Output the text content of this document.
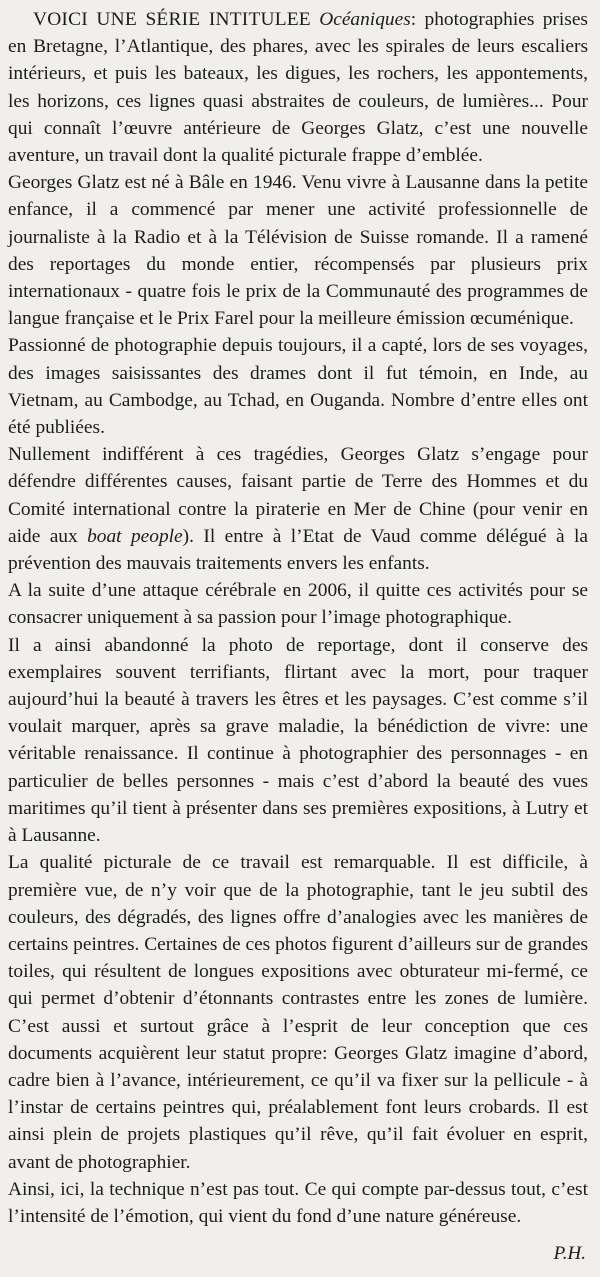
VOICI UNE SÉRIE INTITULEE Océaniques: photographies prises en Bretagne, l’Atlantique, des phares, avec les spirales de leurs escaliers intérieurs, et puis les bateaux, les digues, les rochers, les appontements, les horizons, ces lignes quasi abstraites de couleurs, de lumières... Pour qui connaît l’œuvre antérieure de Georges Glatz, c’est une nouvelle aventure, un travail dont la qualité picturale frappe d’emblée.

Georges Glatz est né à Bâle en 1946. Venu vivre à Lausanne dans la petite enfance, il a commencé par mener une activité professionnelle de journaliste à la Radio et à la Télévision de Suisse romande. Il a ramené des reportages du monde entier, récompensés par plusieurs prix internationaux - quatre fois le prix de la Communauté des programmes de langue française et le Prix Farel pour la meilleure émission œcuménique.

Passionné de photographie depuis toujours, il a capté, lors de ses voyages, des images saisissantes des drames dont il fut témoin, en Inde, au Vietnam, au Cambodge, au Tchad, en Ouganda. Nombre d’entre elles ont été publiées.

Nullement indifférent à ces tragédies, Georges Glatz s’engage pour défendre différentes causes, faisant partie de Terre des Hommes et du Comité international contre la piraterie en Mer de Chine (pour venir en aide aux boat people). Il entre à l’Etat de Vaud comme délégué à la prévention des mauvais traitements envers les enfants.

A la suite d’une attaque cérébrale en 2006, il quitte ces activités pour se consacrer uniquement à sa passion pour l’image photographique.

Il a ainsi abandonné la photo de reportage, dont il conserve des exemplaires souvent terrifiants, flirtant avec la mort, pour traquer aujourd’hui la beauté à travers les êtres et les paysages. C’est comme s’il voulait marquer, après sa grave maladie, la bénédiction de vivre: une véritable renaissance. Il continue à photographier des personnages - en particulier de belles personnes - mais c’est d’abord la beauté des vues maritimes qu’il tient à présenter dans ses premières expositions, à Lutry et à Lausanne.

La qualité picturale de ce travail est remarquable. Il est difficile, à première vue, de n’y voir que de la photographie, tant le jeu subtil des couleurs, des dégradés, des lignes offre d’analogies avec les manières de certains peintres. Certaines de ces photos figurent d’ailleurs sur de grandes toiles, qui résultent de longues expositions avec obturateur mi-fermé, ce qui permet d’obtenir d’étonnants contrastes entre les zones de lumière. C’est aussi et surtout grâce à l’esprit de leur conception que ces documents acquièrent leur statut propre: Georges Glatz imagine d’abord, cadre bien à l’avance, intérieurement, ce qu’il va fixer sur la pellicule - à l’instar de certains peintres qui, préalablement font leurs crobards. Il est ainsi plein de projets plastiques qu’il rêve, qu’il fait évoluer en esprit, avant de photographier.

Ainsi, ici, la technique n’est pas tout. Ce qui compte par-dessus tout, c’est l’intensité de l’émotion, qui vient du fond d’une nature généreuse.

P.H.
